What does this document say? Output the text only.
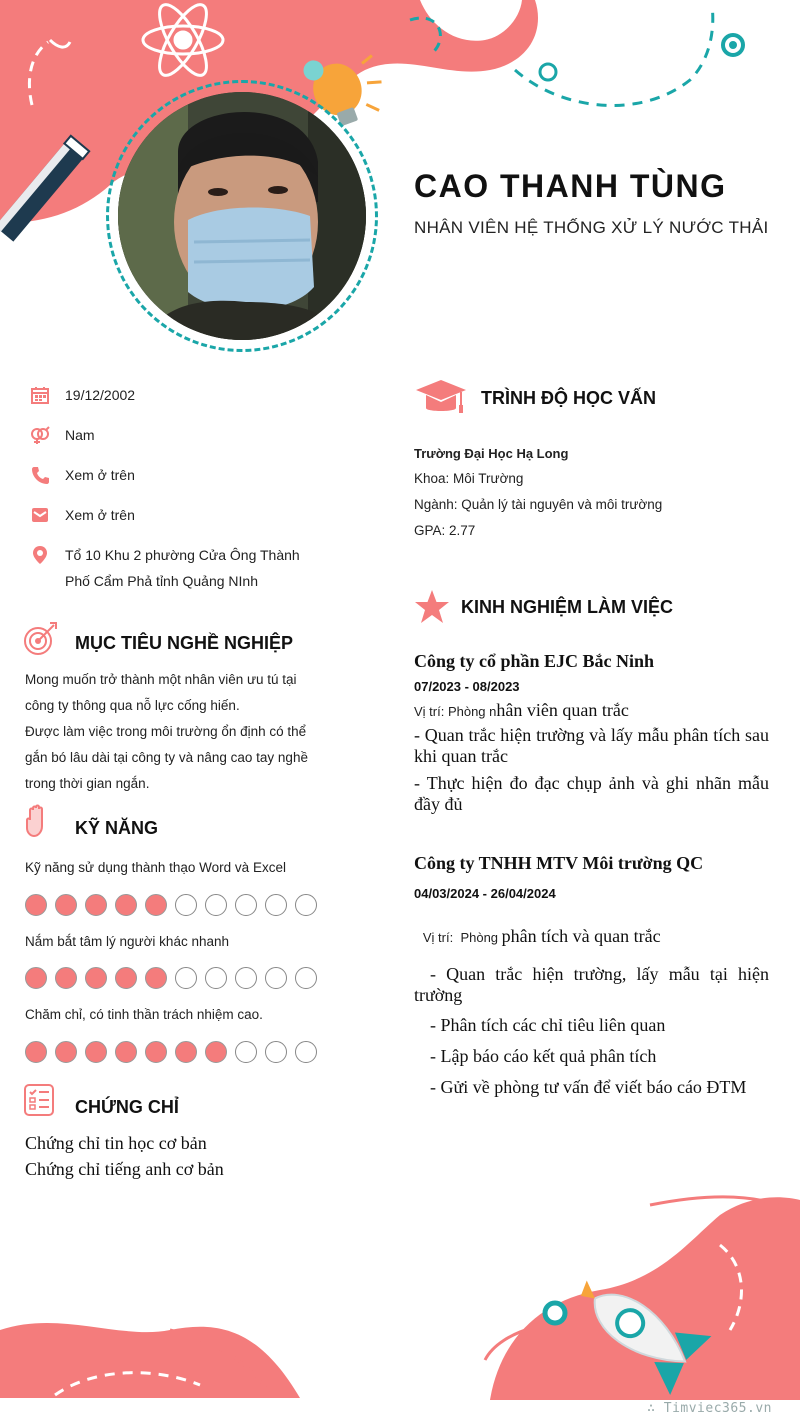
CAO THANH TÙNG
NHÂN VIÊN HỆ THỐNG XỬ LÝ NƯỚC THẢI
19/12/2002
Nam
Xem ở trên
Xem ở trên
Tổ 10 Khu 2 phường Cửa Ông Thành Phố Cẩm Phả tỉnh Quảng NInh
MỤC TIÊU NGHỀ NGHIỆP
Mong muốn trở thành một nhân viên ưu tú tại công ty thông qua nỗ lực cống hiến.
Được làm việc trong môi trường ổn định có thể gắn bó lâu dài tại công ty và nâng cao tay nghề trong thời gian ngắn.
KỸ NĂNG
Kỹ năng sử dụng thành thạo Word và Excel
Nắm bắt tâm lý người khác nhanh
Chăm chỉ, có tinh thần trách nhiệm cao.
CHỨNG CHỈ
Chứng chỉ tin học cơ bản
Chứng chỉ tiếng anh cơ bản
TRÌNH ĐỘ HỌC VẤN
Trường Đại Học Hạ Long
Khoa: Môi Trường
Ngành: Quản lý tài nguyên và môi trường
GPA: 2.77
KINH NGHIỆM LÀM VIỆC
Công ty cổ phần EJC Bắc Ninh
07/2023 - 08/2023
Vị trí: Phòng nhân viên quan trắc
- Quan trắc hiện trường và lấy mẫu phân tích sau khi quan trắc
- Thực hiện đo đạc chụp ảnh và ghi nhãn mẫu đầy đủ
Công ty TNHH MTV Môi trường QC
04/03/2024 - 26/04/2024

Vị trí:  Phòng phân tích và quan trắc

- Quan trắc hiện trường, lấy mẫu tại hiện trường
- Phân tích các chỉ tiêu liên quan
- Lập báo cáo kết quả phân tích
- Gửi về phòng tư vấn để viết báo cáo ĐTM
∴ Timviec365.vn
